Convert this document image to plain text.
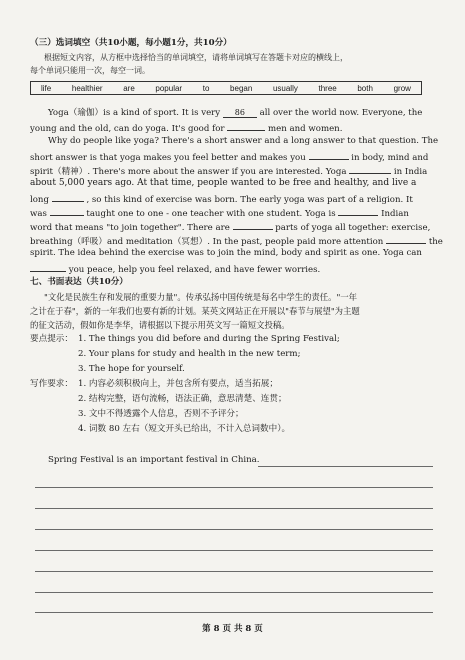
（三）选词填空（共10小题，每小题1分，共10分）
根据短文内容，从方框中选择恰当的单词填空，请将单词填写在答题卡对应的横线上，
每个单词只能用一次，每空一词。
life	healthier	are	popular	to	began	usually	three	both	grow
Yoga（瑜伽）is a kind of sport. It is very 86 all over the world now. Everyone, the
young and the old, can do yoga. It's good for	men and women.
Why do people like yoga? There's a short answer and a long answer to that question. The
short answer is that yoga makes you feel better and makes you	in body, mind and
spirit（精神）. There's more about the answer if you are interested. Yoga	in India
about 5,000 years ago. At that time, people wanted to be free and healthy, and live a
long	, so this kind of exercise was born. The early yoga was part of a religion. It
was	taught one to one - one teacher with one student. Yoga is	Indian
word that means "to join together". There are	parts of yoga all together: exercise,
breathing（呼吸）and meditation（冥想）. In the past, people paid more attention	the
spirit. The idea behind the exercise was to join the mind, body and spirit as one. Yoga can
you peace, help you feel relaxed, and have fewer worries.
七、书面表达（共10分）
"文化是民族生存和发展的重要力量"。传承弘扬中国传统是每名中学生的责任。"一年
之计在于春"，新的一年我们也要有新的计划。某英文网站正在开展以"春节与展望"为主题
的征文活动，假如你是李华，请根据以下提示用英文写一篇短文投稿。
要点提示： 1. The things you did before and during the Spring Festival;
2. Your plans for study and health in the new term;
3. The hope for yourself.
写作要求： 1. 内容必须积极向上，并包含所有要点，适当拓展；
2. 结构完整，语句流畅，语法正确，意思清楚、连贯；
3. 文中不得透露个人信息，否则不予评分；
4. 词数 80 左右（短文开头已给出，不计入总词数中）。
Spring Festival is an important festival in China.
第 8 页 共 8 页
